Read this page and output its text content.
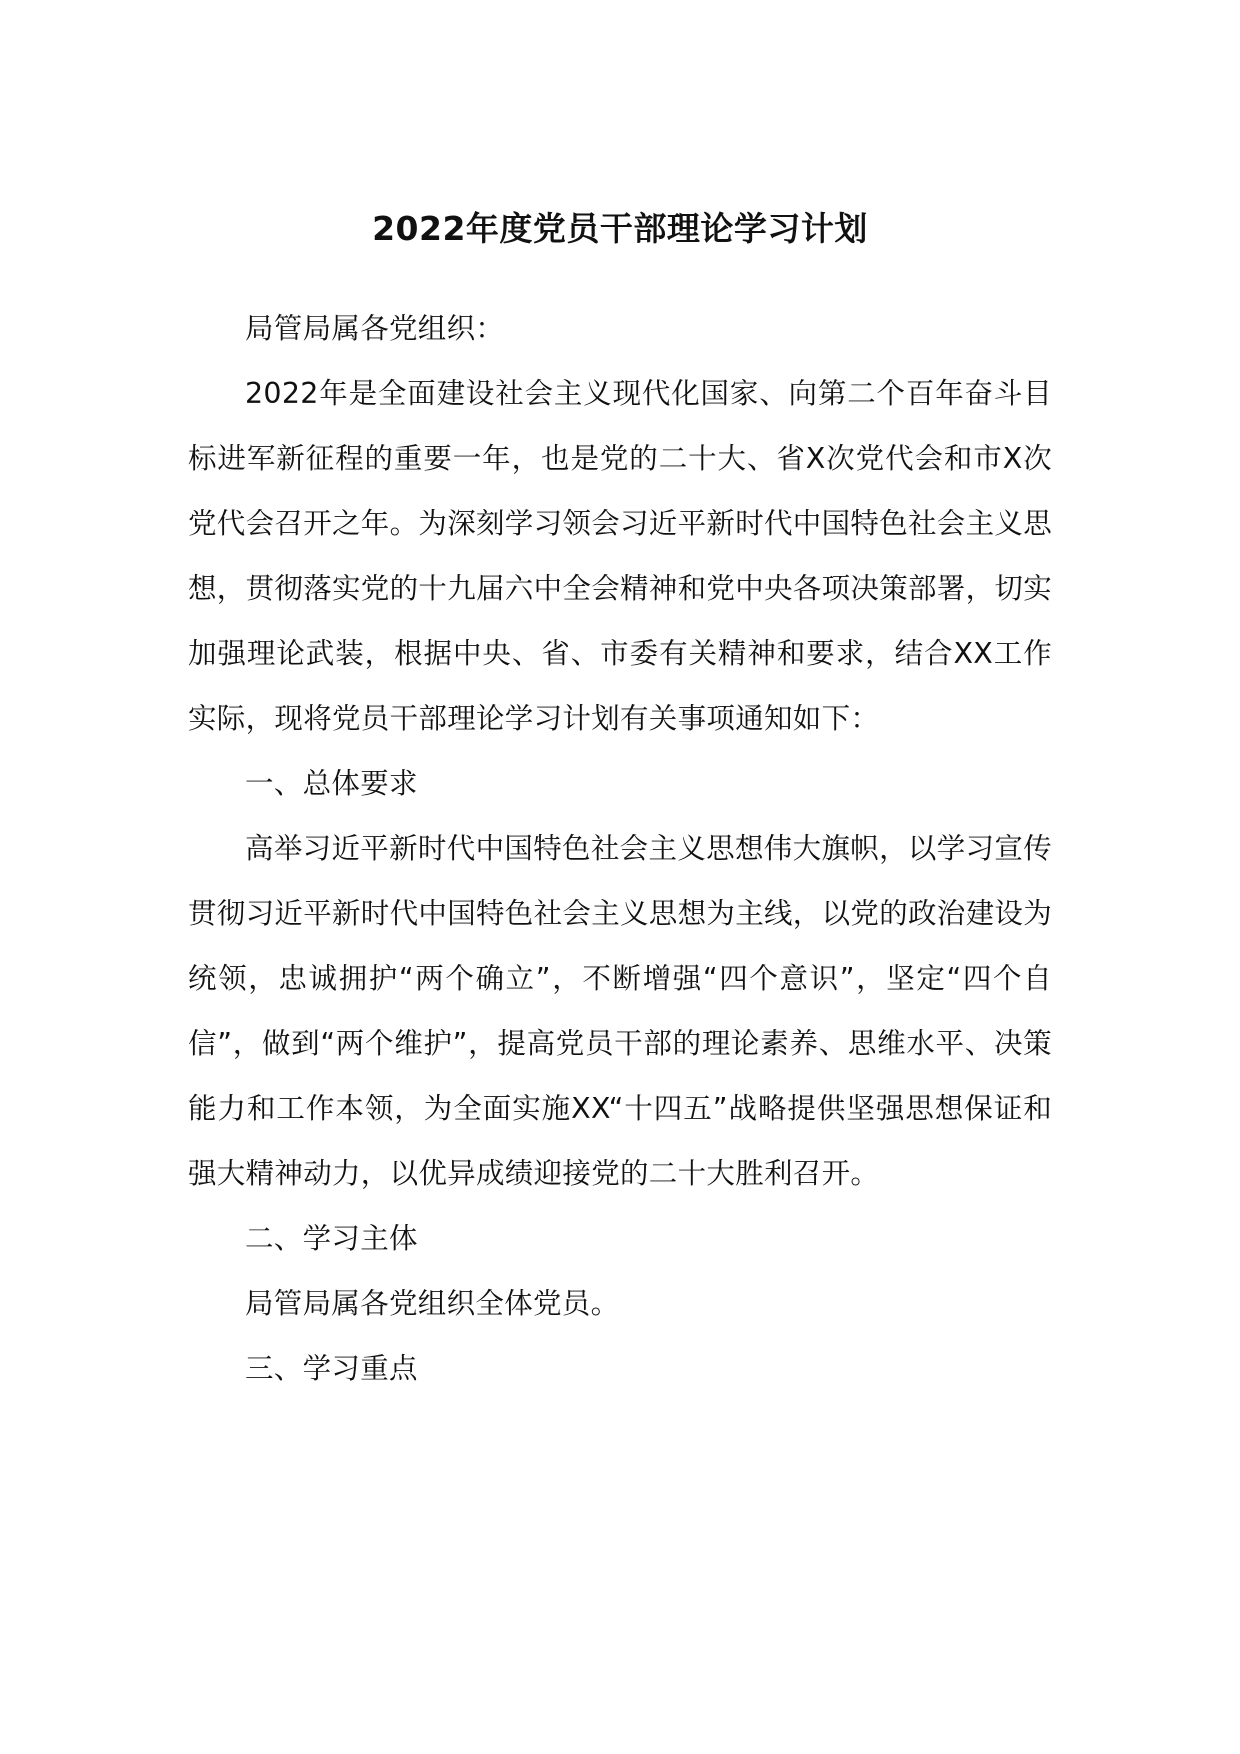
2022年度党员干部理论学习计划

局管局属各党组织：

2022年是全面建设社会主义现代化国家、向第二个百年奋斗目标进军新征程的重要一年，也是党的二十大、省X次党代会和市X次党代会召开之年。为深刻学习领会习近平新时代中国特色社会主义思想，贯彻落实党的十九届六中全会精神和党中央各项决策部署，切实加强理论武装，根据中央、省、市委有关精神和要求，结合XX工作实际，现将党员干部理论学习计划有关事项通知如下：

一、总体要求

高举习近平新时代中国特色社会主义思想伟大旗帜，以学习宣传贯彻习近平新时代中国特色社会主义思想为主线，以党的政治建设为统领，忠诚拥护“两个确立”，不断增强“四个意识”，坚定“四个自信”，做到“两个维护”，提高党员干部的理论素养、思维水平、决策能力和工作本领，为全面实施XX“十四五”战略提供坚强思想保证和强大精神动力，以优异成绩迎接党的二十大胜利召开。

二、学习主体

局管局属各党组织全体党员。

三、学习重点
